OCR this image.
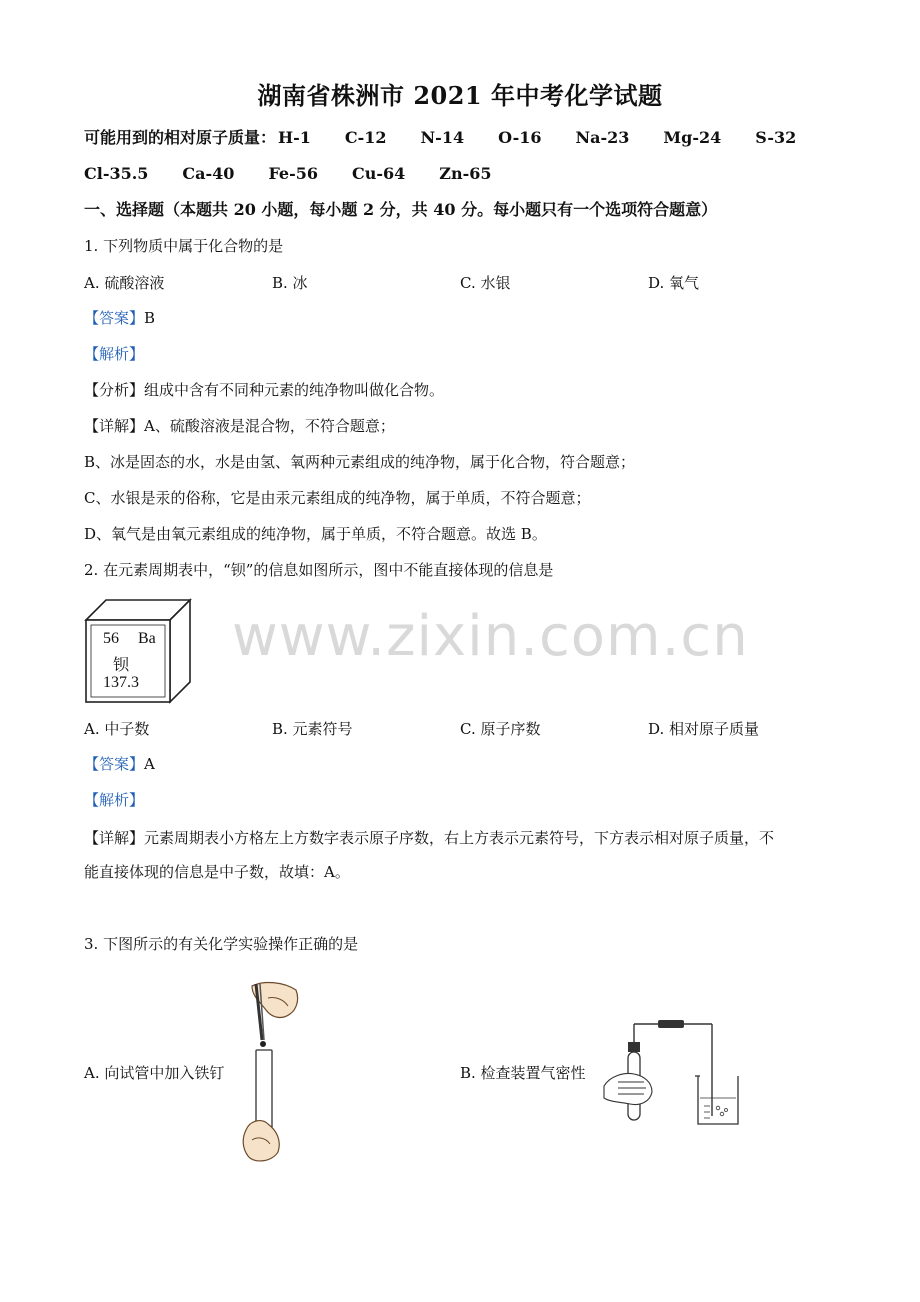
湖南省株洲市 2021 年中考化学试题
可能用到的相对原子质量： H-1 C-12 N-14 O-16 Na-23 Mg-24 S-32
Cl-35.5 Ca-40 Fe-56 Cu-64 Zn-65
一、选择题（本题共 20 小题，每小题 2 分，共 40 分。每小题只有一个选项符合题意）
1. 下列物质中属于化合物的是
A. 硫酸溶液	B. 冰	C. 水银	D. 氧气
【答案】B
【解析】
【分析】组成中含有不同种元素的纯净物叫做化合物。
【详解】A、硫酸溶液是混合物，不符合题意；
B、冰是固态的水，水是由氢、氧两种元素组成的纯净物，属于化合物，符合题意；
C、水银是汞的俗称，它是由汞元素组成的纯净物，属于单质，不符合题意；
D、氧气是由氧元素组成的纯净物，属于单质，不符合题意。故选 B。
2. 在元素周期表中，“钡”的信息如图所示，图中不能直接体现的信息是
www.zixin.com.cn
56 Ba
钡
137.3
A. 中子数	B. 元素符号	C. 原子序数	D. 相对原子质量
【答案】A
【解析】
【详解】元素周期表小方格左上方数字表示原子序数，右上方表示元素符号，下方表示相对原子质量，不
能直接体现的信息是中子数，故填：A。
3. 下图所示的有关化学实验操作正确的是
A. 向试管中加入铁钉	B. 检查装置气密性
